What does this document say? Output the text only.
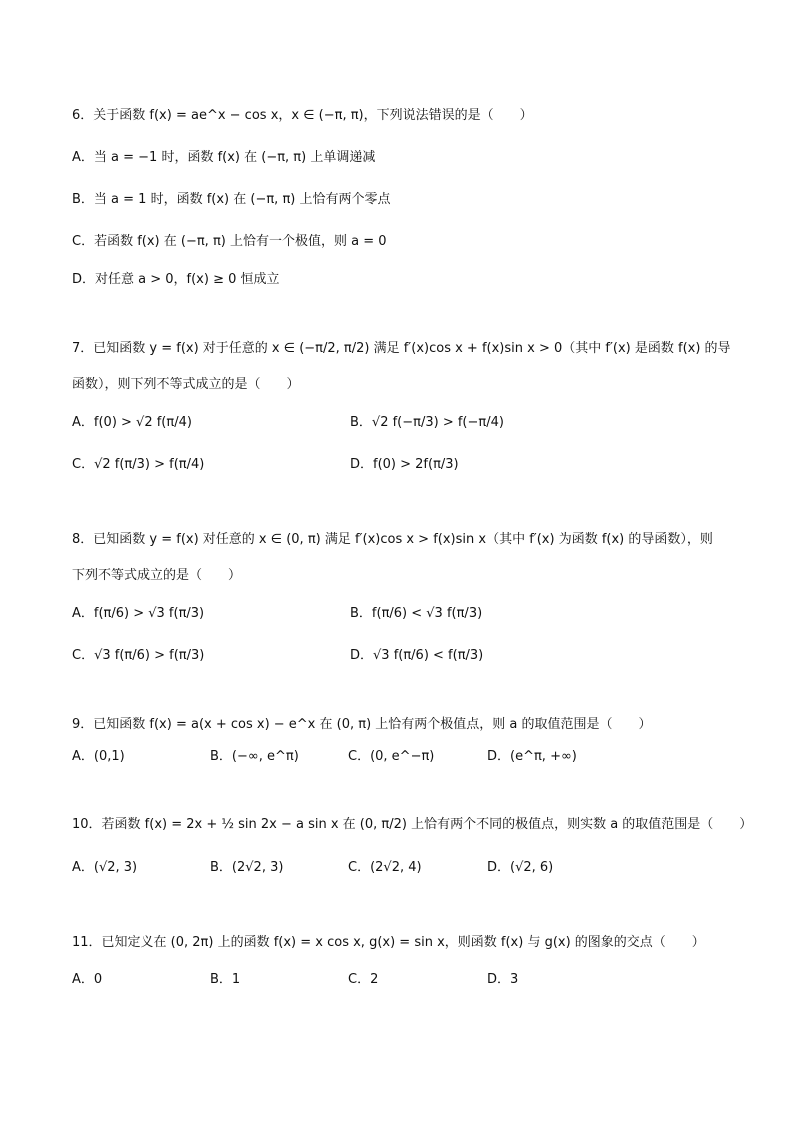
6．关于函数 f(x) = ae^x − cos x，x ∈ (−π, π)，下列说法错误的是（　　）
A．当 a = −1 时，函数 f(x) 在 (−π, π) 上单调递减
B．当 a = 1 时，函数 f(x) 在 (−π, π) 上恰有两个零点
C．若函数 f(x) 在 (−π, π) 上恰有一个极值，则 a = 0
D．对任意 a > 0，f(x) ≥ 0 恒成立
7．已知函数 y = f(x) 对于任意的 x ∈ (−π/2, π/2) 满足 f′(x)cos x + f(x)sin x > 0（其中 f′(x) 是函数 f(x) 的导
函数），则下列不等式成立的是（　　）
A．f(0) > √2 f(π/4)	B．√2 f(−π/3) > f(−π/4)
C．√2 f(π/3) > f(π/4)	D．f(0) > 2f(π/3)
8．已知函数 y = f(x) 对任意的 x ∈ (0, π) 满足 f′(x)cos x > f(x)sin x（其中 f′(x) 为函数 f(x) 的导函数），则
下列不等式成立的是（　　）
A．f(π/6) > √3 f(π/3)	B．f(π/6) < √3 f(π/3)
C．√3 f(π/6) > f(π/3)	D．√3 f(π/6) < f(π/3)
9．已知函数 f(x) = a(x + cos x) − e^x 在 (0, π) 上恰有两个极值点，则 a 的取值范围是（　　）
A．(0,1)	B．(−∞, e^π)	C．(0, e^−π)	D．(e^π, +∞)
10．若函数 f(x) = 2x + ½ sin 2x − a sin x 在 (0, π/2) 上恰有两个不同的极值点，则实数 a 的取值范围是（　　）
A．(√2, 3)	B．(2√2, 3)	C．(2√2, 4)	D．(√2, 6)
11．已知定义在 (0, 2π) 上的函数 f(x) = x cos x, g(x) = sin x，则函数 f(x) 与 g(x) 的图象的交点（　　）
A．0	B．1	C．2	D．3
